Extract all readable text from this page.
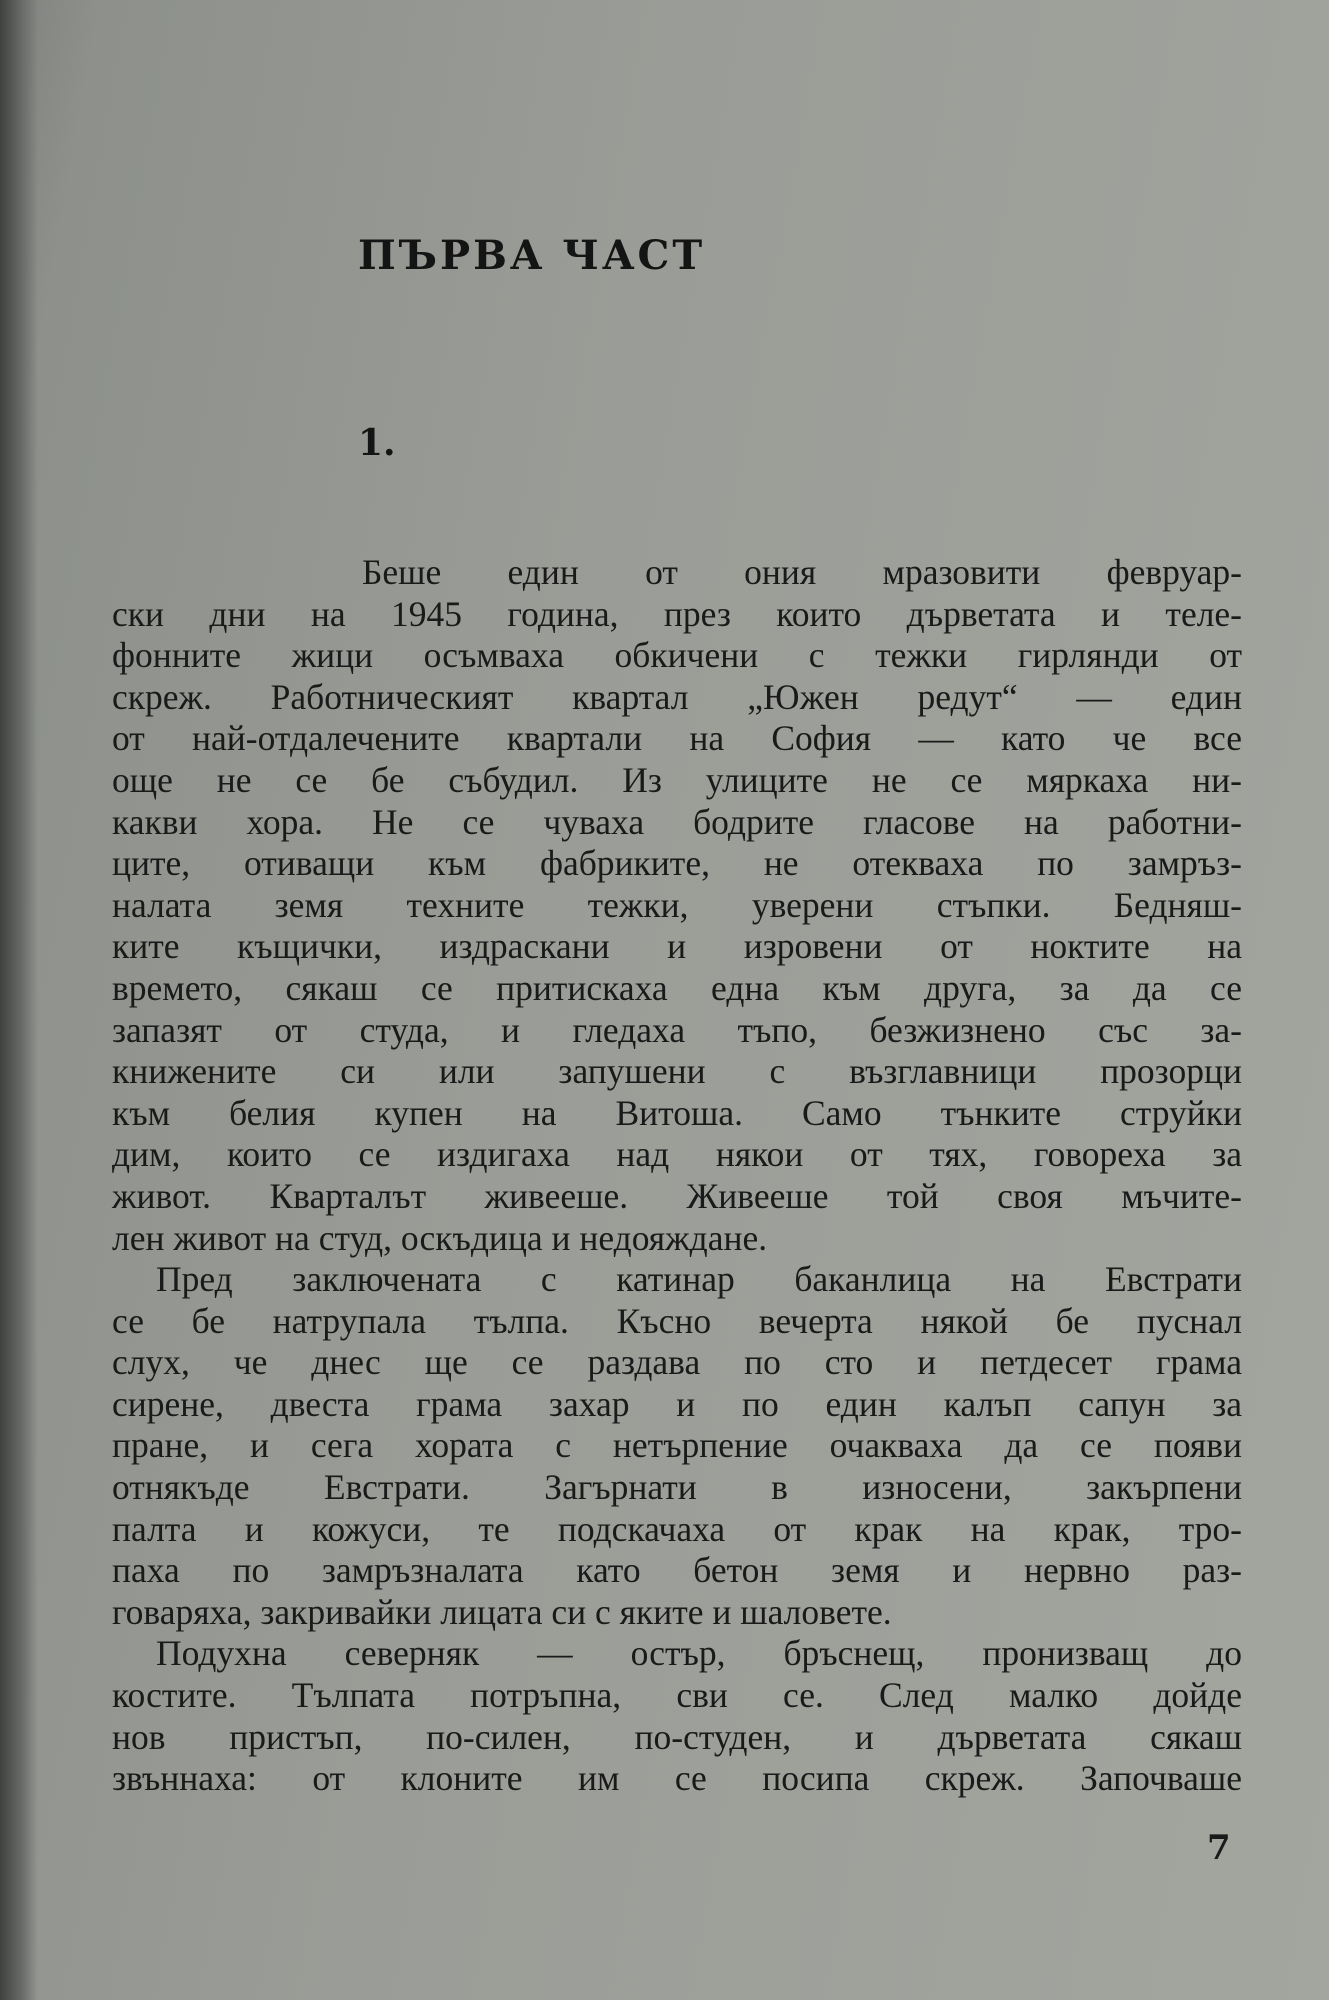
ПЪРВА ЧАСТ
1.
Беше един от ония мразовити февруар-
ски дни на 1945 година, през които дърветата и теле-
фонните жици осъмваха обкичени с тежки гирлянди от
скреж. Работническият квартал „Южен редут“ — един
от най-отдалечените квартали на София — като че все
още не се бе събудил. Из улиците не се мяркаха ни-
какви хора. Не се чуваха бодрите гласове на работни-
ците, отиващи към фабриките, не отекваха по замръз-
налата земя техните тежки, уверени стъпки. Бедняш-
ките къщички, издраскани и изровени от ноктите на
времето, сякаш се притискаха една към друга, за да се
запазят от студа, и гледаха тъпо, безжизнено със за-
книжените си или запушени с възглавници прозорци
към белия купен на Витоша. Само тънките струйки
дим, които се издигаха над някои от тях, говореха за
живот. Кварталът живееше. Живееше той своя мъчите-
лен живот на студ, оскъдица и недояждане.
Пред заключената с катинар баканлица на Евстрати
се бе натрупала тълпа. Късно вечерта някой бе пуснал
слух, че днес ще се раздава по сто и петдесет грама
сирене, двеста грама захар и по един калъп сапун за
пране, и сега хората с нетърпение очакваха да се появи
отнякъде Евстрати. Загърнати в износени, закърпени
палта и кожуси, те подскачаха от крак на крак, тро-
паха по замръзналата като бетон земя и нервно раз-
говаряха, закривайки лицата си с яките и шаловете.
Подухна северняк — остър, бръснещ, пронизващ до
костите. Тълпата потръпна, сви се. След малко дойде
нов пристъп, по-силен, по-студен, и дърветата сякаш
звъннаха: от клоните им се посипа скреж. Започваше
7
